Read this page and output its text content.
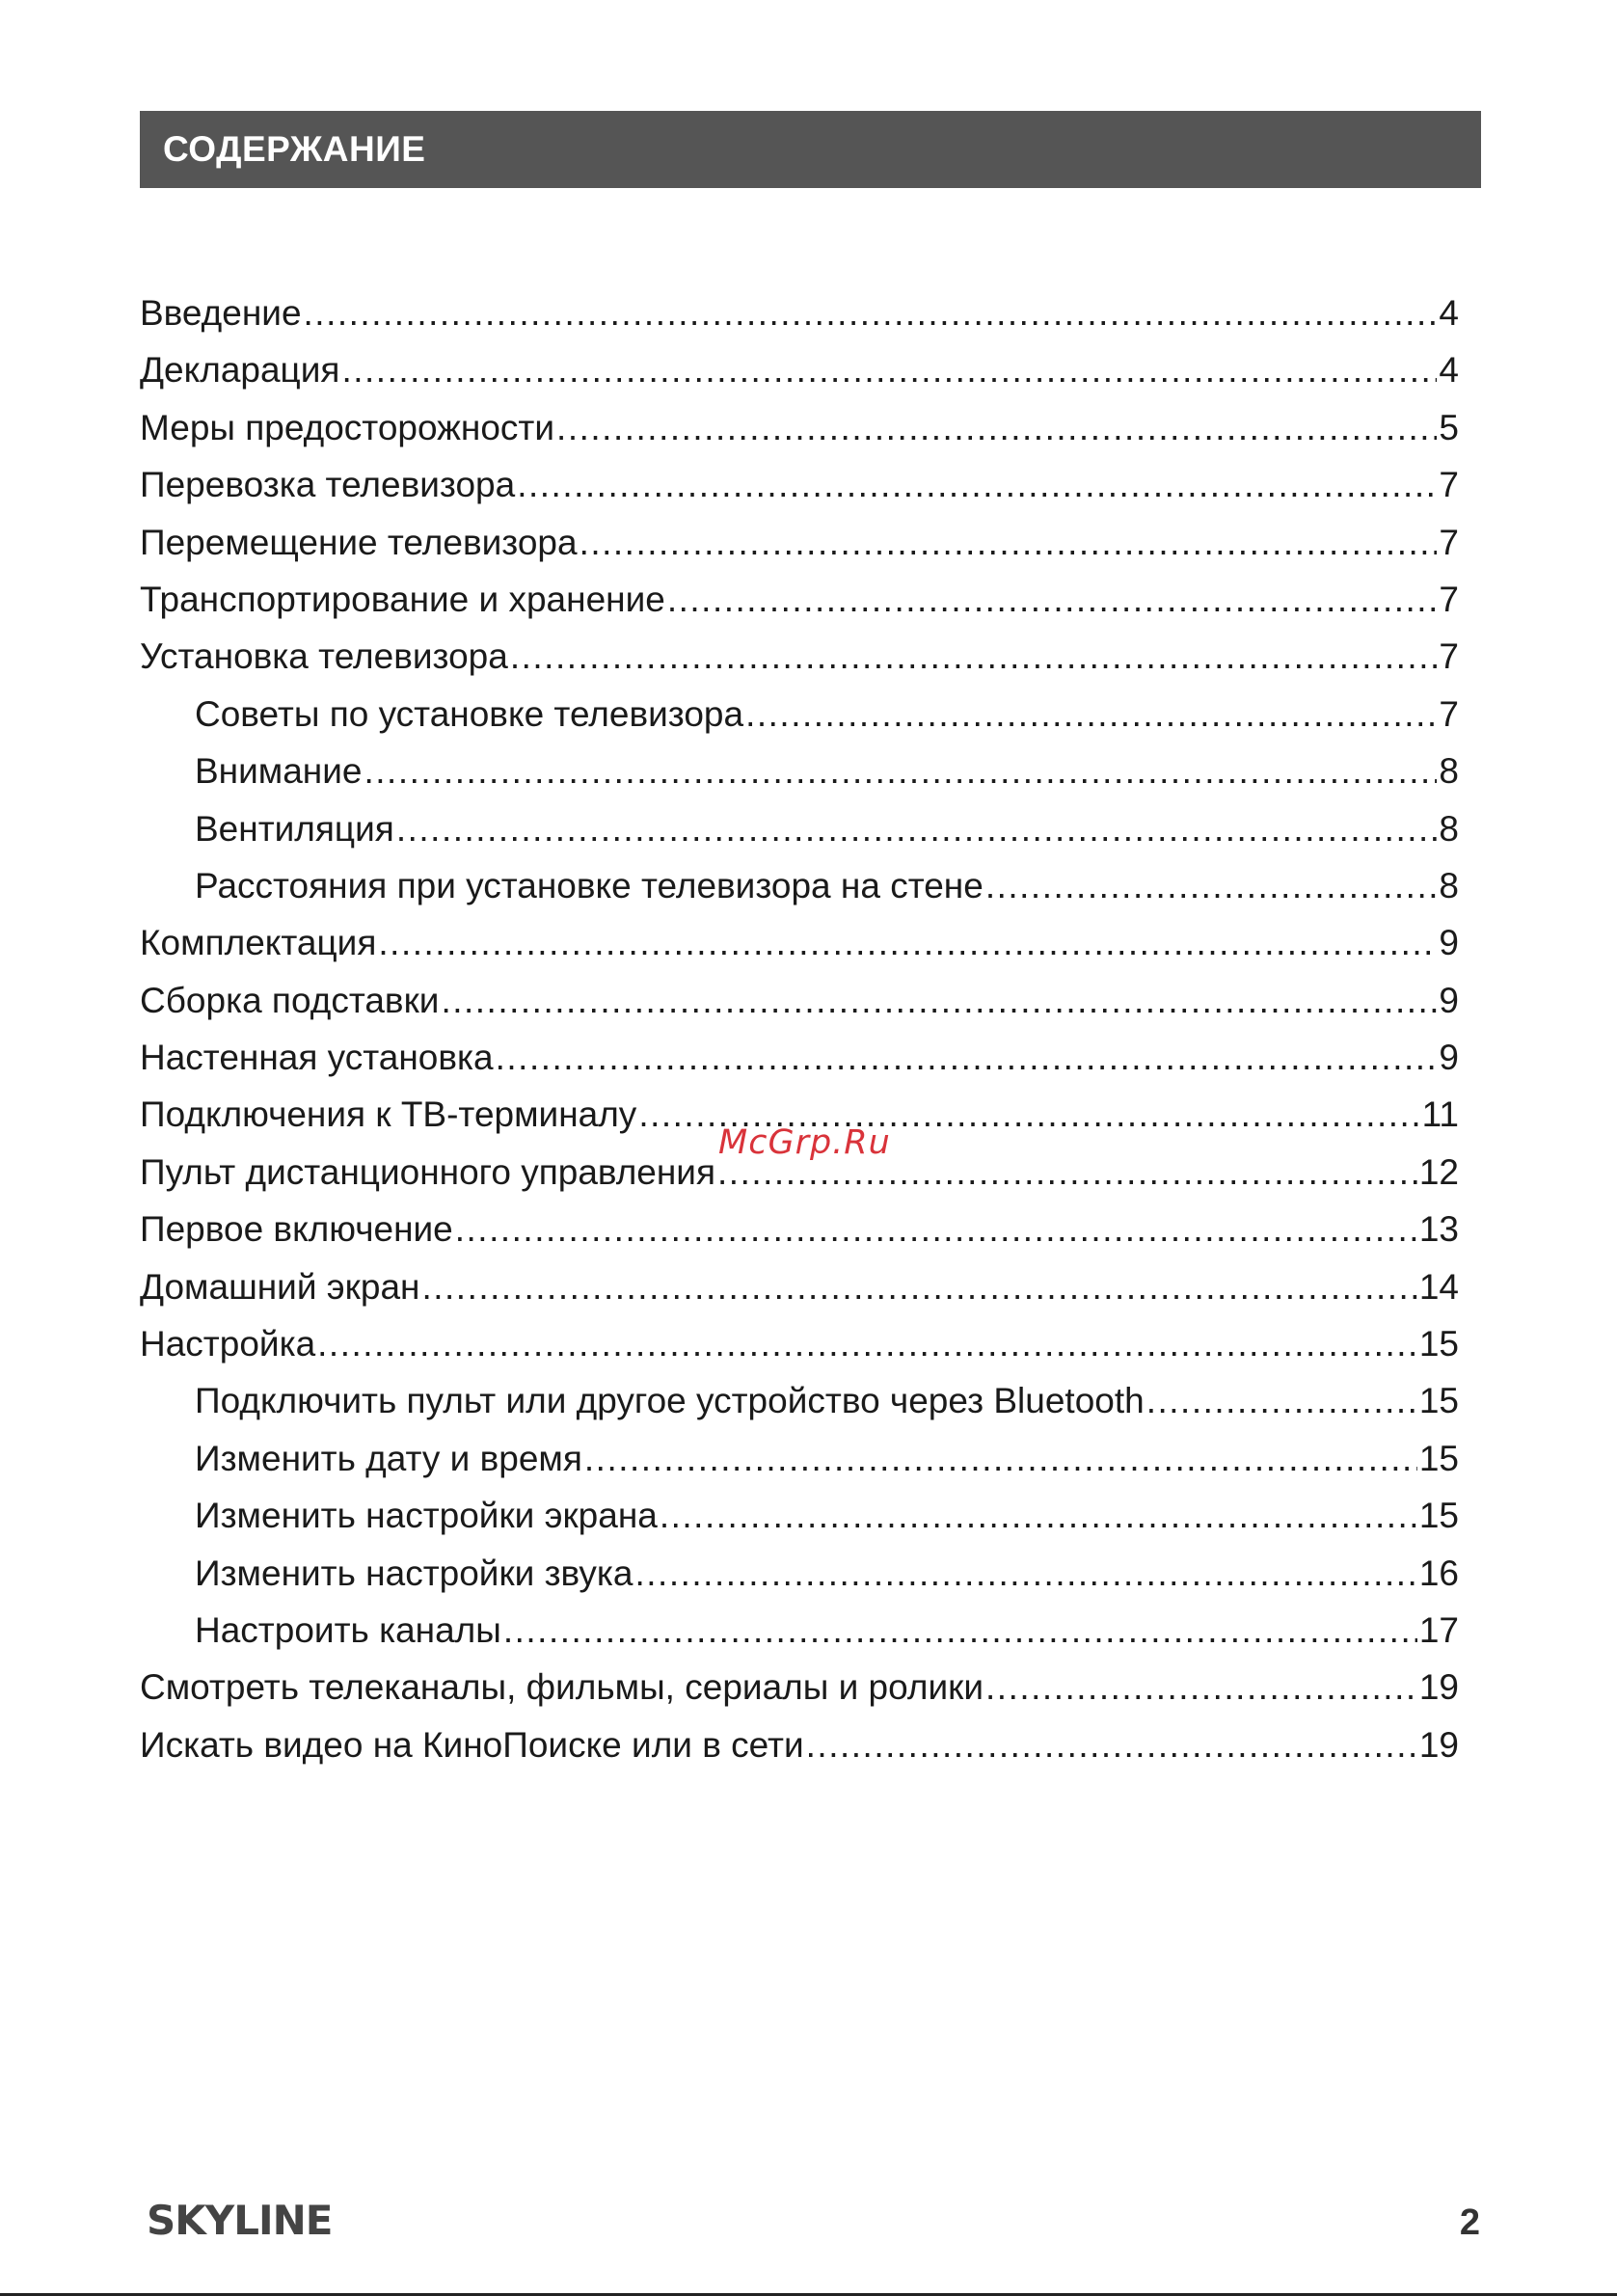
СОДЕРЖАНИЕ
Введение .....	4
Декларация .....	4
Меры предосторожности .....	5
Перевозка телевизора .....	7
Перемещение телевизора .....	7
Транспортирование и хранение .....	7
Установка телевизора .....	7
Советы по установке телевизора .....	7
Внимание .....	8
Вентиляция .....	8
Расстояния при установке телевизора на стене .....	8
Комплектация .....	9
Сборка подставки .....	9
Настенная установка .....	9
Подключения к ТВ-терминалу .....	11
Пульт дистанционного управления .....	12
Первое включение .....	13
Домашний экран .....	14
Настройка .....	15
Подключить пульт или другое устройство через Bluetooth .....	15
Изменить дату и время .....	15
Изменить настройки экрана .....	15
Изменить настройки звука .....	16
Настроить каналы .....	17
Смотреть телеканалы, фильмы, сериалы и ролики .....	19
Искать видео на КиноПоиске или в сети .....	19
McGrp.Ru
SKYLINE	2
